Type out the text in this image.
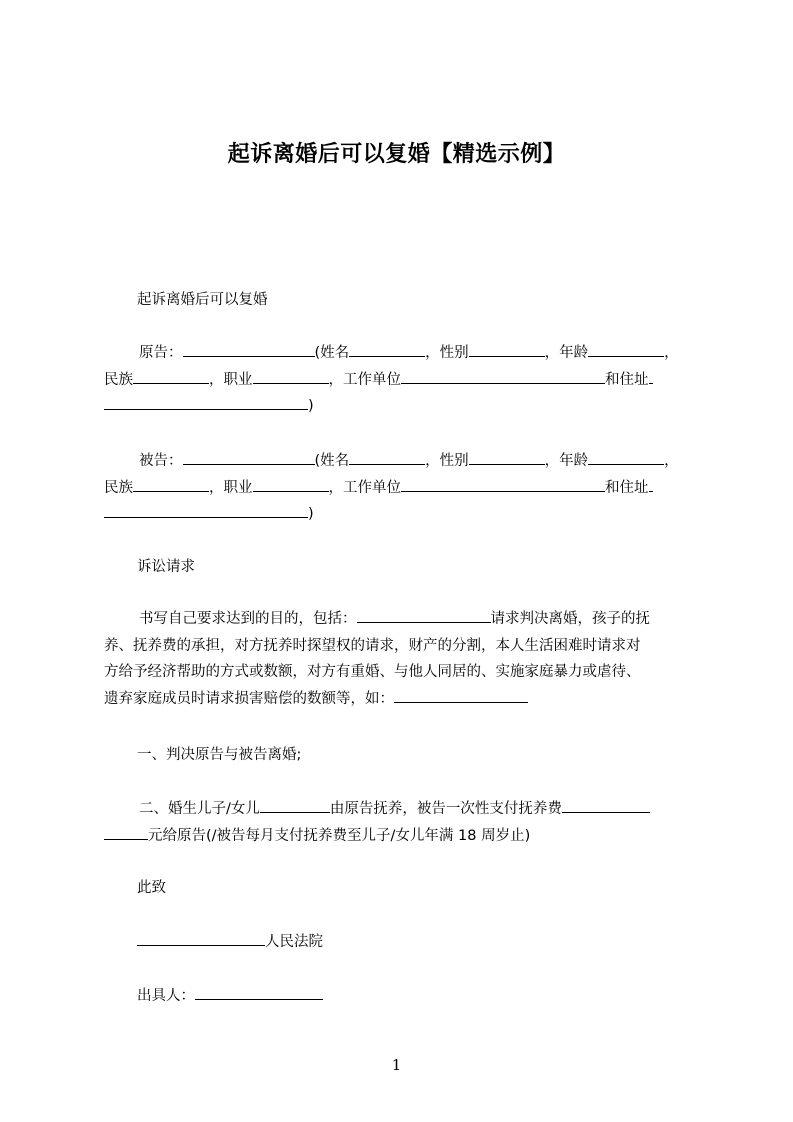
起诉离婚后可以复婚【精选示例】
起诉离婚后可以复婚
原告：	(姓名	，性别	，年龄	，
民族	，职业	，工作单位	和住址
)
被告：	(姓名	，性别	，年龄	，
民族	，职业	，工作单位	和住址
)
诉讼请求
书写自己要求达到的目的，包括：	请求判决离婚，孩子的抚
养、抚养费的承担，对方抚养时探望权的请求，财产的分割，本人生活困难时请求对
方给予经济帮助的方式或数额，对方有重婚、与他人同居的、实施家庭暴力或虐待、
遗弃家庭成员时请求损害赔偿的数额等，如：
一、判决原告与被告离婚;
二、婚生儿子/女儿	由原告抚养，被告一次性支付抚养费
元给原告(/被告每月支付抚养费至儿子/女儿年满 18 周岁止)
此致
人民法院
出具人：
1
